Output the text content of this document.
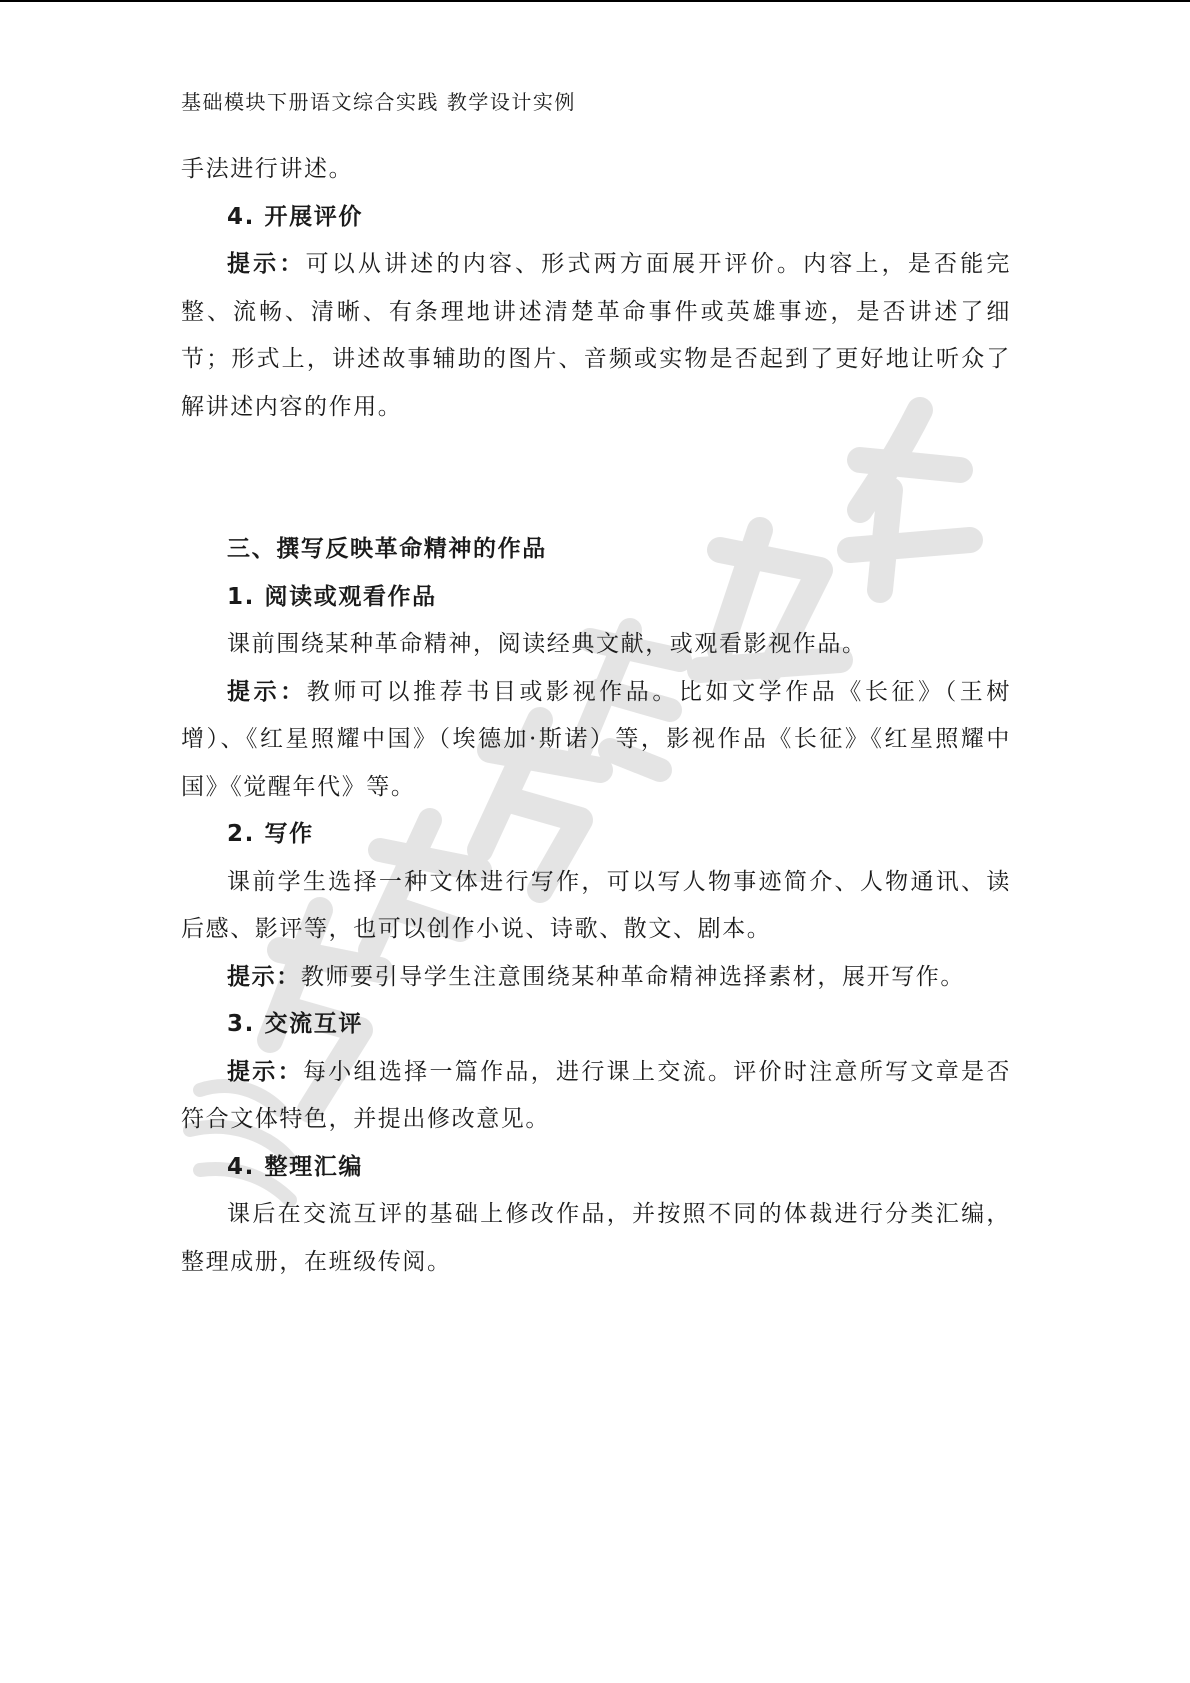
基础模块下册语文综合实践 教学设计实例

手法进行讲述。

4. 开展评价

提示：可以从讲述的内容、形式两方面展开评价。内容上，是否能完整、流畅、清晰、有条理地讲述清楚革命事件或英雄事迹，是否讲述了细节；形式上，讲述故事辅助的图片、音频或实物是否起到了更好地让听众了解讲述内容的作用。

三、撰写反映革命精神的作品

1. 阅读或观看作品

课前围绕某种革命精神，阅读经典文献，或观看影视作品。

提示：教师可以推荐书目或影视作品。比如文学作品《长征》（王树增）、《红星照耀中国》（埃德加·斯诺）等，影视作品《长征》《红星照耀中国》《觉醒年代》等。

2. 写作

课前学生选择一种文体进行写作，可以写人物事迹简介、人物通讯、读后感、影评等，也可以创作小说、诗歌、散文、剧本。

提示：教师要引导学生注意围绕某种革命精神选择素材，展开写作。

3. 交流互评

提示：每小组选择一篇作品，进行课上交流。评价时注意所写文章是否符合文体特色，并提出修改意见。

4. 整理汇编

课后在交流互评的基础上修改作品，并按照不同的体裁进行分类汇编，整理成册，在班级传阅。
